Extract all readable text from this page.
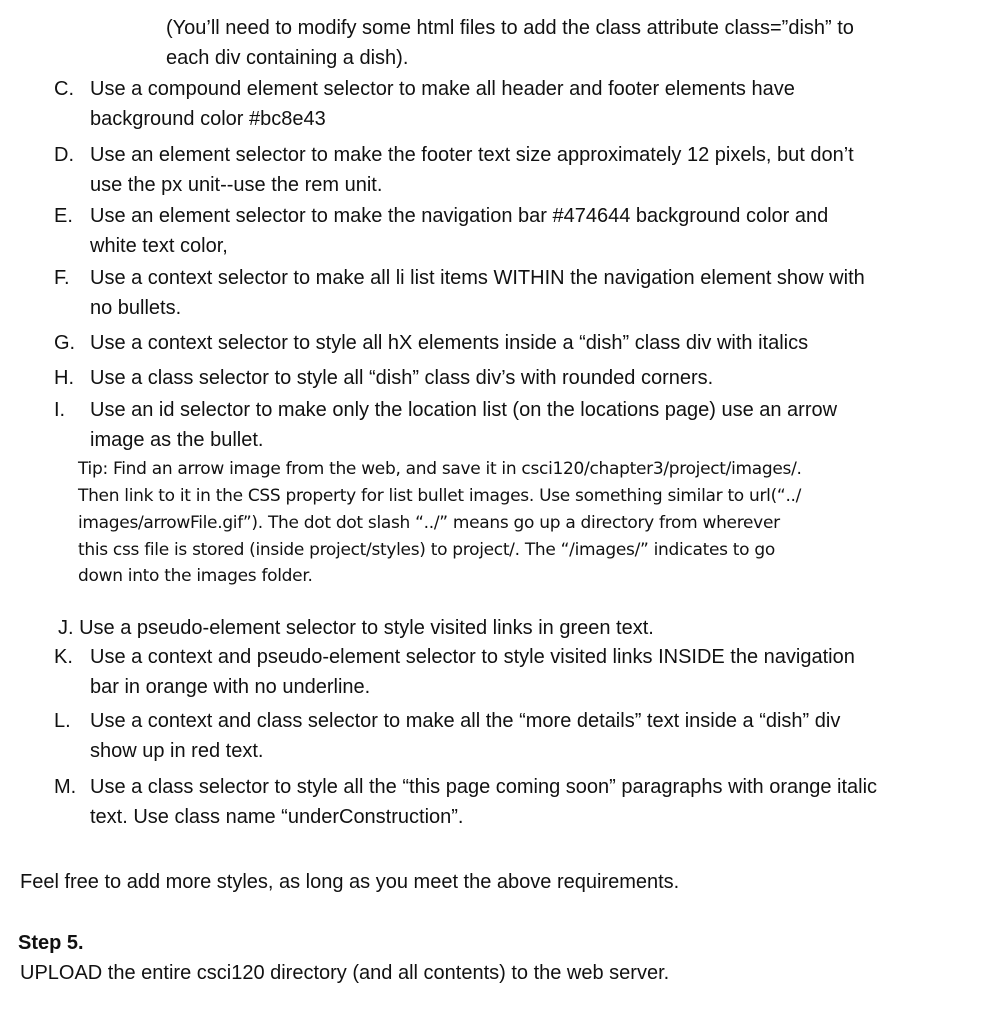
(You’ll need to modify some html files to add the class attribute class=”dish” to
each div containing a dish).
C. Use a compound element selector to make all header and footer elements have
background color #bc8e43
D. Use an element selector to make the footer text size approximately 12 pixels, but don’t
use the px unit--use the rem unit.
E. Use an element selector to make the navigation bar #474644 background color and
white text color,
F. Use a context selector to make all li list items WITHIN the navigation element show with
no bullets.
G. Use a context selector to style all hX elements inside a “dish” class div with italics
H. Use a class selector to style all “dish” class div’s with rounded corners.
I. Use an id selector to make only the location list (on the locations page) use an arrow
image as the bullet.
Tip: Find an arrow image from the web, and save it in csci120/chapter3/project/images/.
Then link to it in the CSS property for list bullet images. Use something similar to url(“../
images/arrowFile.gif”). The dot dot slash “../” means go up a directory from wherever
this css file is stored (inside project/styles) to project/. The “/images/” indicates to go
down into the images folder.
J. Use a pseudo-element selector to style visited links in green text.
K. Use a context and pseudo-element selector to style visited links INSIDE the navigation
bar in orange with no underline.
L. Use a context and class selector to make all the “more details” text inside a “dish” div
show up in red text.
M. Use a class selector to style all the “this page coming soon” paragraphs with orange italic
text. Use class name “underConstruction”.
Feel free to add more styles, as long as you meet the above requirements.
Step 5.
UPLOAD the entire csci120 directory (and all contents) to the web server.
